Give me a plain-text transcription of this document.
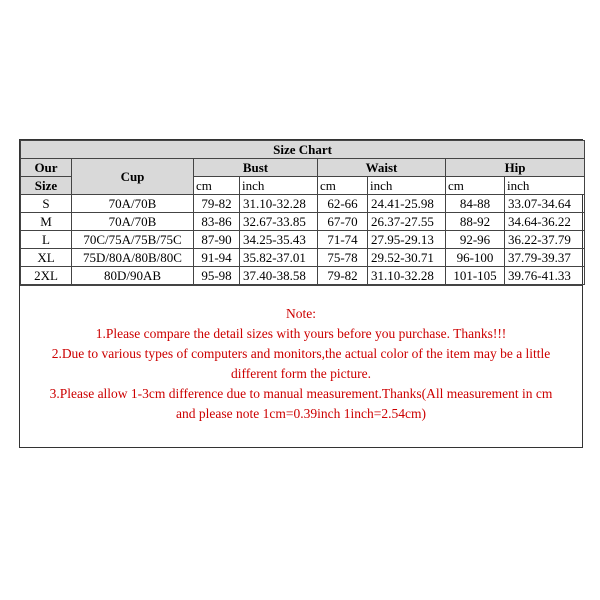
Size Chart							
Our	Cup	Bust		Waist		Hip	
Size		cm	inch	cm	inch	cm	inch
S	70A/70B	79-82	31.10-32.28	62-66	24.41-25.98	84-88	33.07-34.64
M	70A/70B	83-86	32.67-33.85	67-70	26.37-27.55	88-92	34.64-36.22
L	70C/75A/75B/75C	87-90	34.25-35.43	71-74	27.95-29.13	92-96	36.22-37.79
XL	75D/80A/80B/80C	91-94	35.82-37.01	75-78	29.52-30.71	96-100	37.79-39.37
2XL	80D/90AB	95-98	37.40-38.58	79-82	31.10-32.28	101-105	39.76-41.33

Note:

1.Please compare the detail sizes with yours before you purchase. Thanks!!!

2.Due to various types of computers and monitors,the actual color of the item may be a little

different form the picture.

3.Please allow 1-3cm difference due to manual measurement.Thanks(All measurement in cm

and please note 1cm=0.39inch 1inch=2.54cm)
